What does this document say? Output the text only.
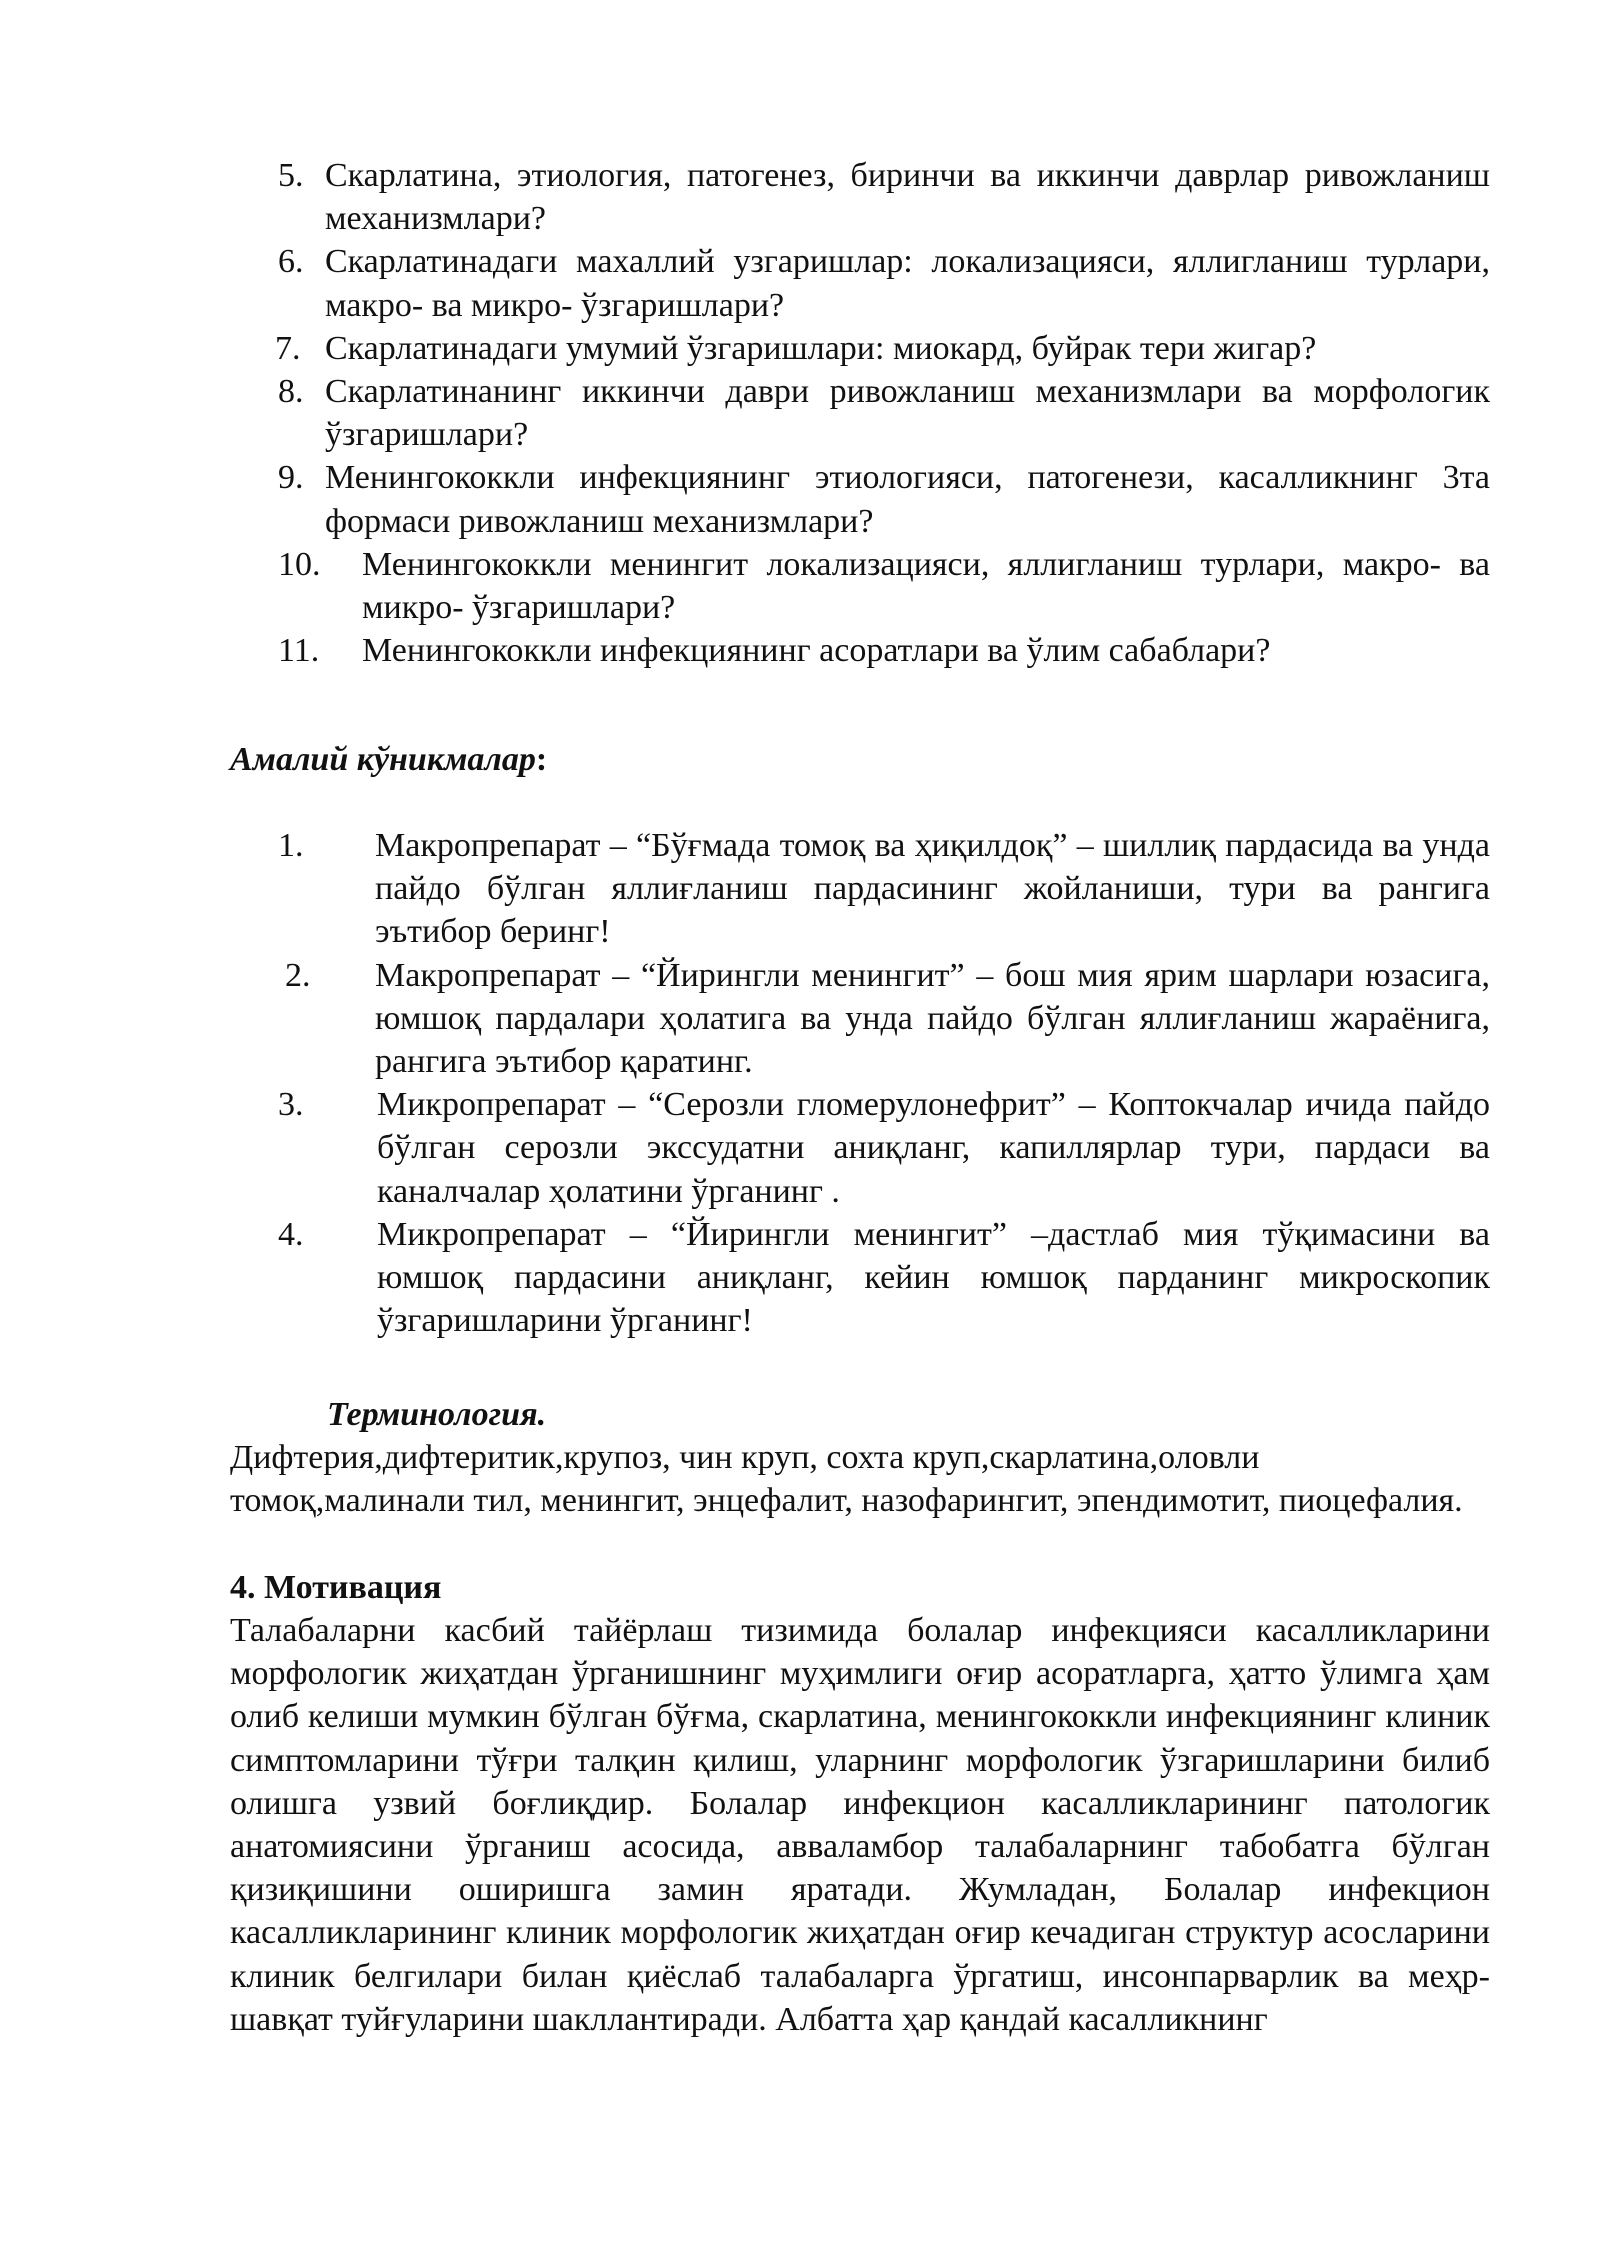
5. Скарлатина, этиология, патогенез, биринчи ва иккинчи даврлар ривожланиш механизмлари?
6. Скарлатинадаги махаллий узгаришлар: локализацияси, яллигланиш турлари, макро- ва микро- ўзгаришлари?
7. Скарлатинадаги умумий ўзгаришлари: миокард, буйрак тери жигар?
8. Скарлатинанинг иккинчи даври ривожланиш механизмлари ва морфологик ўзгаришлари?
9. Менингококкли инфекциянинг этиологияси, патогенези, касалликнинг 3та формаси ривожланиш механизмлари?
10.	Менингококкли менингит локализацияси, яллигланиш турлари, макро- ва микро- ўзгаришлари?
11.	Менингококкли инфекциянинг асоратлари ва ўлим сабаблари?
Амалий кўникмалар:
1. Макропрепарат – “Бўғмада томоқ ва ҳиқилдоқ” – шиллиқ пардасида ва унда пайдо бўлган яллиғланиш пардасининг жойланиши, тури ва рангига эътибор беринг!
2. Макропрепарат – “Йирингли менингит” – бош мия ярим шарлари юзасига, юмшоқ пардалари ҳолатига ва унда пайдо бўлган яллиғланиш жараёнига, рангига эътибор қаратинг.
3. Микропрепарат – “Серозли гломерулонефрит” – Коптокчалар ичида пайдо бўлган серозли экссудатни аниқланг, капиллярлар тури, пардаси ва каналчалар ҳолатини ўрганинг .
4. Микропрепарат – “Йирингли менингит” –дастлаб мия тўқимасини ва юмшоқ пардасини аниқланг, кейин юмшоқ парданинг микроскопик ўзгаришларини ўрганинг!
Терминология.
Дифтерия,дифтеритик,крупоз, чин круп, сохта круп,скарлатина,оловли томоқ,малинали тил, менингит, энцефалит, назофарингит, эпендимотит, пиоцефалия.
4. Мотивация
Талабаларни касбий тайёрлаш тизимида болалар инфекцияси касалликларини морфологик жиҳатдан ўрганишнинг муҳимлиги оғир асоратларга, ҳатто ўлимга ҳам олиб келиши мумкин бўлган бўғма, скарлатина, менингококкли инфекциянинг клиник симптомларини тўғри талқин қилиш, уларнинг морфологик ўзгаришларини билиб олишга узвий боғлиқдир. Болалар инфекцион касалликларининг патологик анатомиясини ўрганиш асосида, авваламбор талабаларнинг табобатга бўлган қизиқишини оширишга замин яратади. Жумладан, Болалар инфекцион касалликларининг клиник морфологик жиҳатдан оғир кечадиган структур асосларини клиник белгилари билан қиёслаб талабаларга ўргатиш, инсонпарварлик ва меҳр-шавқат туйғуларини шакллантиради. Албатта ҳар қандай касалликнинг
